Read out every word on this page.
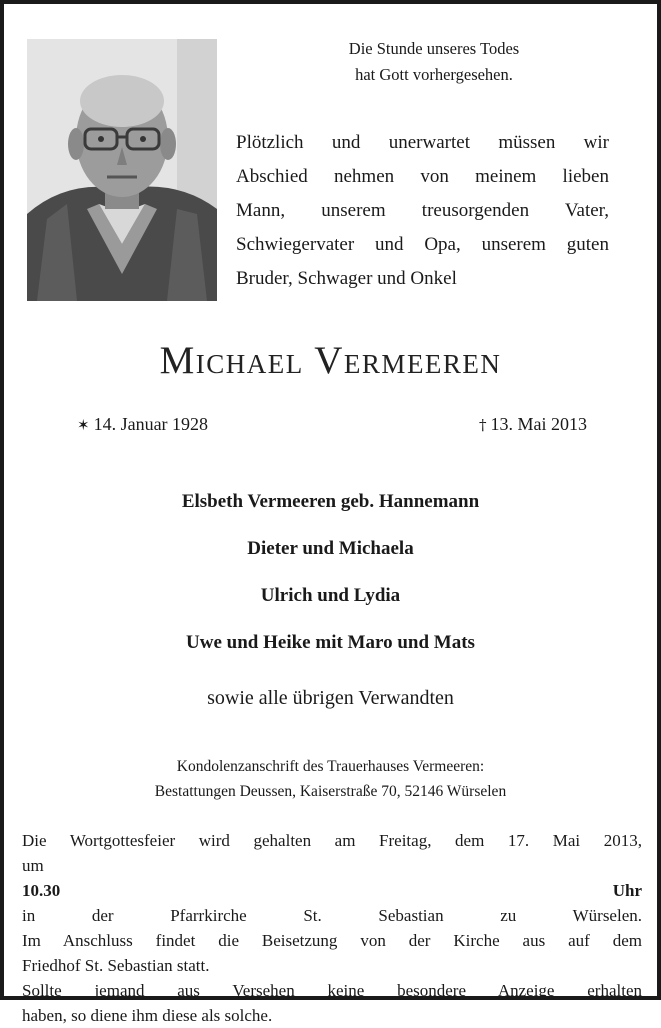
Die Stunde unseres Todes
hat Gott vorhergesehen.
Plötzlich und unerwartet müssen wir
Abschied nehmen von meinem lieben
Mann, unserem treusorgenden Vater,
Schwiegervater und Opa, unserem guten
Bruder, Schwager und Onkel
Michael Vermeeren
✶ 14. Januar 1928	† 13. Mai 2013
Elsbeth Vermeeren geb. Hannemann
Dieter und Michaela
Ulrich und Lydia
Uwe und Heike mit Maro und Mats
sowie alle übrigen Verwandten
Kondolenzanschrift des Trauerhauses Vermeeren:
Bestattungen Deussen, Kaiserstraße 70, 52146 Würselen
Die Wortgottesfeier wird gehalten am Freitag, dem 17. Mai 2013,
um
10.30 Uhr
in der Pfarrkirche St. Sebastian zu Würselen.
Im Anschluss findet die Beisetzung von der Kirche aus auf dem
Friedhof St. Sebastian statt.
Sollte jemand aus Versehen keine besondere Anzeige erhalten
haben, so diene ihm diese als solche.
